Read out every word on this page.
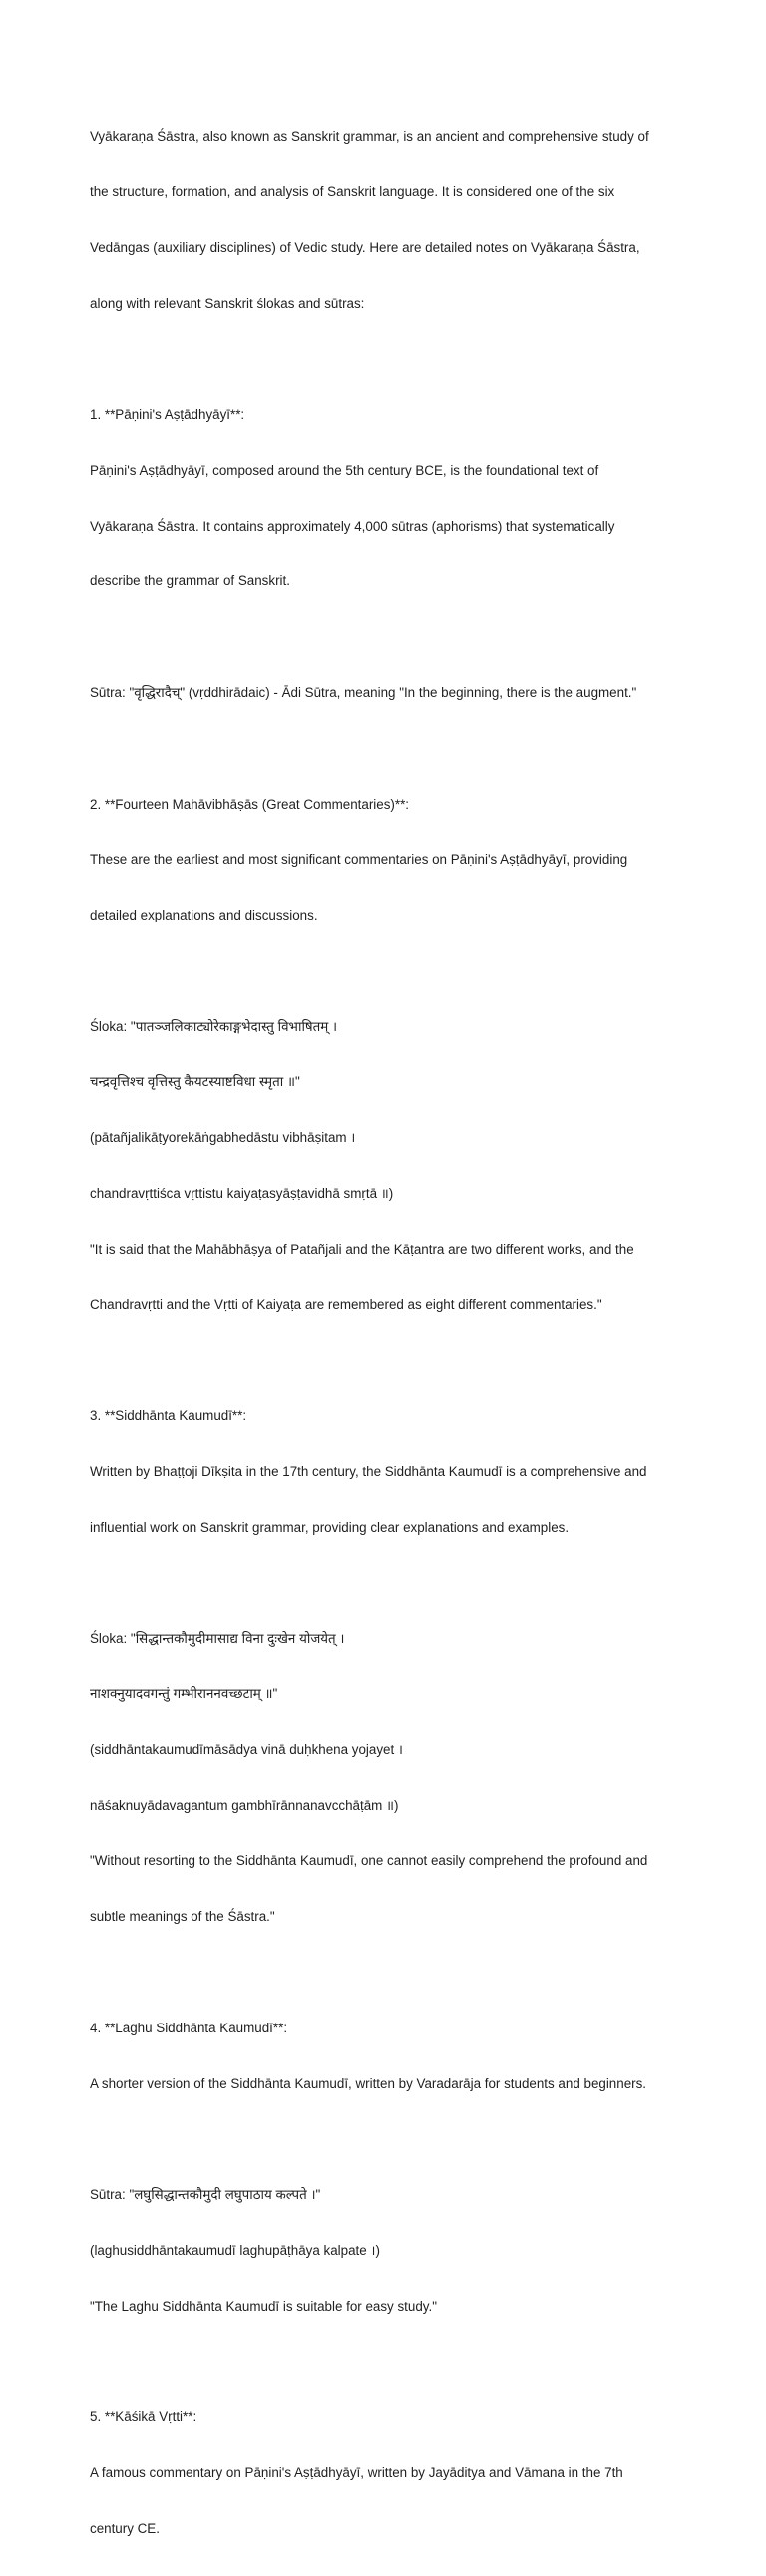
Vyākaraṇa Śāstra, also known as Sanskrit grammar, is an ancient and comprehensive study of

the structure, formation, and analysis of Sanskrit language. It is considered one of the six

Vedāngas (auxiliary disciplines) of Vedic study. Here are detailed notes on Vyākaraṇa Śāstra,

along with relevant Sanskrit ślokas and sūtras:

1. **Pāṇini's Aṣṭādhyāyī**:

Pāṇini's Aṣṭādhyāyī, composed around the 5th century BCE, is the foundational text of

Vyākaraṇa Śāstra. It contains approximately 4,000 sūtras (aphorisms) that systematically

describe the grammar of Sanskrit.

Sūtra: "वृद्धिरादैच्" (vṛddhirādaic) - Ādi Sūtra, meaning "In the beginning, there is the augment."

2. **Fourteen Mahāvibhāṣās (Great Commentaries)**:

These are the earliest and most significant commentaries on Pāṇini's Aṣṭādhyāyī, providing

detailed explanations and discussions.

Śloka: "पातञ्जलिकाट्योरेकाङ्गभेदास्तु विभाषितम् ।

चन्द्रवृत्तिश्च वृत्तिस्तु कैयटस्याष्टविधा स्मृता ॥"

(pātañjalikāṭyorekāṅgabhedāstu vibhāṣitam ।

chandravṛttiśca vṛttistu kaiyaṭasyāṣṭavidhā smṛtā ॥)

"It is said that the Mahābhāṣya of Patañjali and the Kāṭantra are two different works, and the

Chandravṛtti and the Vṛtti of Kaiyaṭa are remembered as eight different commentaries."

3. **Siddhānta Kaumudī**:

Written by Bhaṭṭoji Dīkṣita in the 17th century, the Siddhānta Kaumudī is a comprehensive and

influential work on Sanskrit grammar, providing clear explanations and examples.

Śloka: "सिद्धान्तकौमुदीमासाद्य विना दुःखेन योजयेत् ।

नाशक्नुयादवगन्तुं गम्भीराननवच्छटाम् ॥"

(siddhāntakaumudīmāsādya vinā duḥkhena yojayet ।

nāśaknuyādavagantum gambhīrānnanavcchāṭām ॥)

"Without resorting to the Siddhānta Kaumudī, one cannot easily comprehend the profound and

subtle meanings of the Śāstra."

4. **Laghu Siddhānta Kaumudī**:

A shorter version of the Siddhānta Kaumudī, written by Varadarāja for students and beginners.

Sūtra: "लघुसिद्धान्तकौमुदी लघुपाठाय कल्पते ।"

(laghusiddhāntakaumudī laghupāṭhāya kalpate ।)

"The Laghu Siddhānta Kaumudī is suitable for easy study."

5. **Kāśikā Vṛtti**:

A famous commentary on Pāṇini's Aṣṭādhyāyī, written by Jayāditya and Vāmana in the 7th

century CE.
